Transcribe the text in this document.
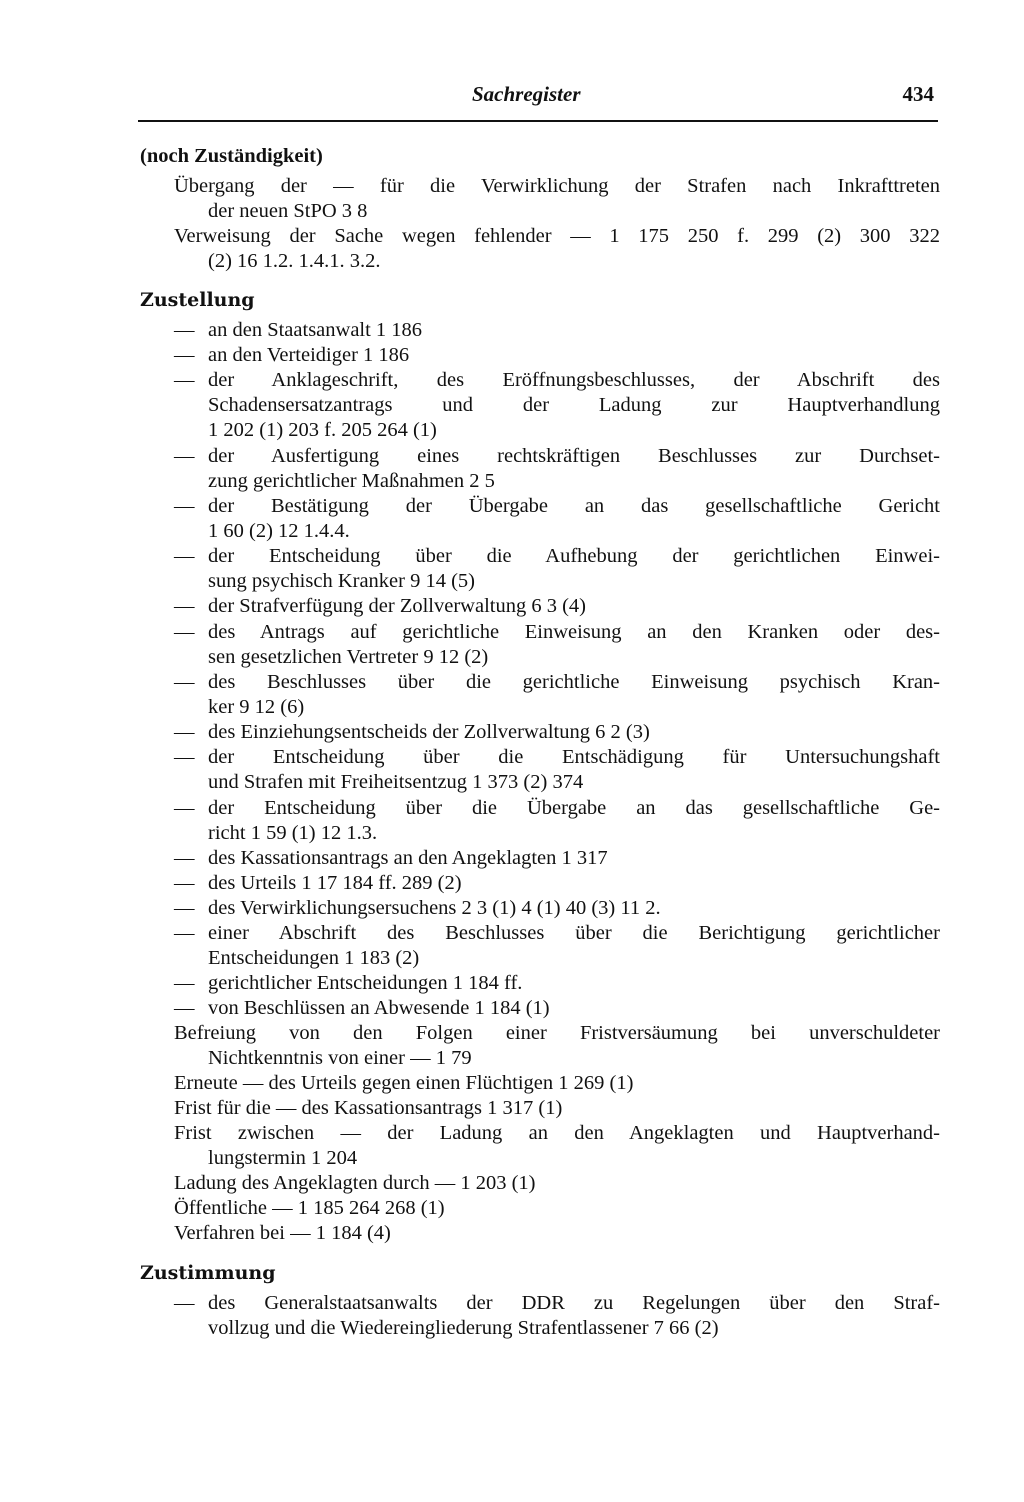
Sachregister	434
(noch Zuständigkeit)
Übergang der — für die Verwirklichung der Strafen nach Inkrafttreten
der neuen StPO 3 8
Verweisung der Sache wegen fehlender — 1 175 250 f. 299 (2) 300 322
(2) 16 1.2. 1.4.1. 3.2.
Zustellung
— an den Staatsanwalt 1 186
— an den Verteidiger 1 186
— der Anklageschrift, des Eröffnungsbeschlusses, der Abschrift des
Schadensersatzantrags und der Ladung zur Hauptverhandlung
1 202 (1) 203 f. 205 264 (1)
— der Ausfertigung eines rechtskräftigen Beschlusses zur Durchset-
zung gerichtlicher Maßnahmen 2 5
— der Bestätigung der Übergabe an das gesellschaftliche Gericht
1 60 (2) 12 1.4.4.
— der Entscheidung über die Aufhebung der gerichtlichen Einwei-
sung psychisch Kranker 9 14 (5)
— der Strafverfügung der Zollverwaltung 6 3 (4)
— des Antrags auf gerichtliche Einweisung an den Kranken oder des-
sen gesetzlichen Vertreter 9 12 (2)
— des Beschlusses über die gerichtliche Einweisung psychisch Kran-
ker 9 12 (6)
— des Einziehungsentscheids der Zollverwaltung 6 2 (3)
— der Entscheidung über die Entschädigung für Untersuchungshaft
und Strafen mit Freiheitsentzug 1 373 (2) 374
— der Entscheidung über die Übergabe an das gesellschaftliche Ge-
richt 1 59 (1) 12 1.3.
— des Kassationsantrags an den Angeklagten 1 317
— des Urteils 1 17 184 ff. 289 (2)
— des Verwirklichungsersuchens 2 3 (1) 4 (1) 40 (3) 11 2.
— einer Abschrift des Beschlusses über die Berichtigung gerichtlicher
Entscheidungen 1 183 (2)
— gerichtlicher Entscheidungen 1 184 ff.
— von Beschlüssen an Abwesende 1 184 (1)
Befreiung von den Folgen einer Fristversäumung bei unverschuldeter
Nichtkenntnis von einer — 1 79
Erneute — des Urteils gegen einen Flüchtigen 1 269 (1)
Frist für die — des Kassationsantrags 1 317 (1)
Frist zwischen — der Ladung an den Angeklagten und Hauptverhand-
lungstermin 1 204
Ladung des Angeklagten durch — 1 203 (1)
Öffentliche — 1 185 264 268 (1)
Verfahren bei — 1 184 (4)
Zustimmung
— des Generalstaatsanwalts der DDR zu Regelungen über den Straf-
vollzug und die Wiedereingliederung Strafentlassener 7 66 (2)
